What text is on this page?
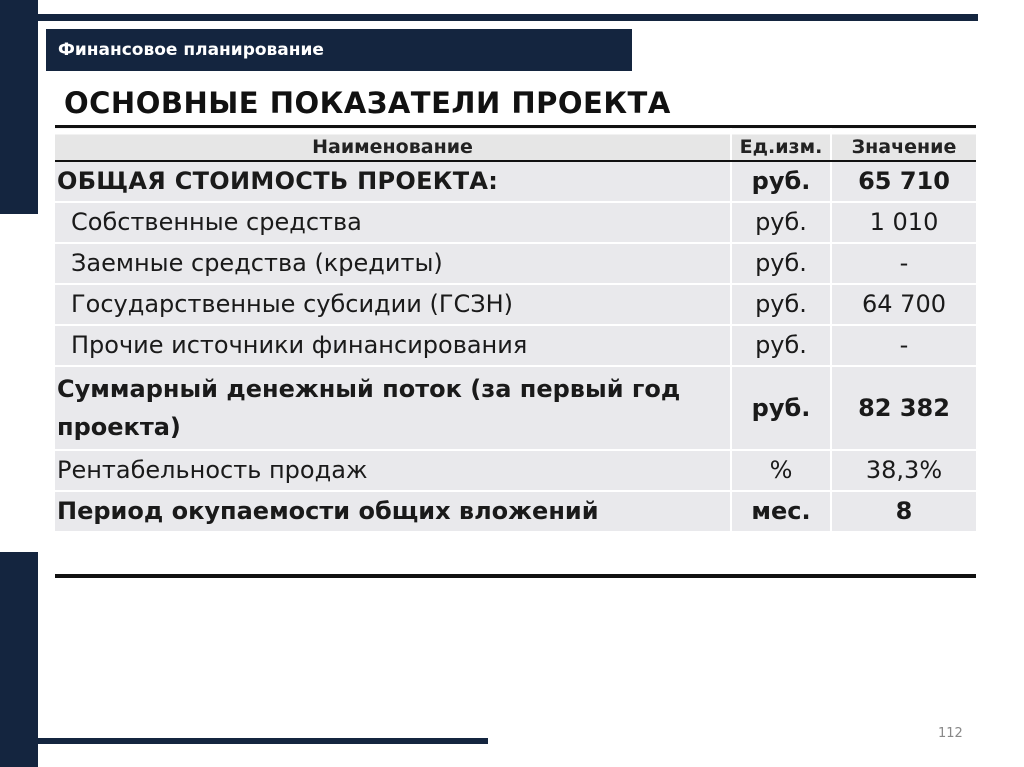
Финансовое планирование
ОСНОВНЫЕ ПОКАЗАТЕЛИ ПРОЕКТА
Наименование	Ед.изм.	Значение
ОБЩАЯ СТОИМОСТЬ ПРОЕКТА:	руб.	65 710
Собственные средства	руб.	1 010
Заемные средства (кредиты)	руб.	-
Государственные субсидии (ГСЗН)	руб.	64 700
Прочие источники финансирования	руб.	-
Суммарный денежный поток (за первый год проекта)	руб.	82 382
Рентабельность продаж	%	38,3%
Период окупаемости общих вложений	мес.	8
112
